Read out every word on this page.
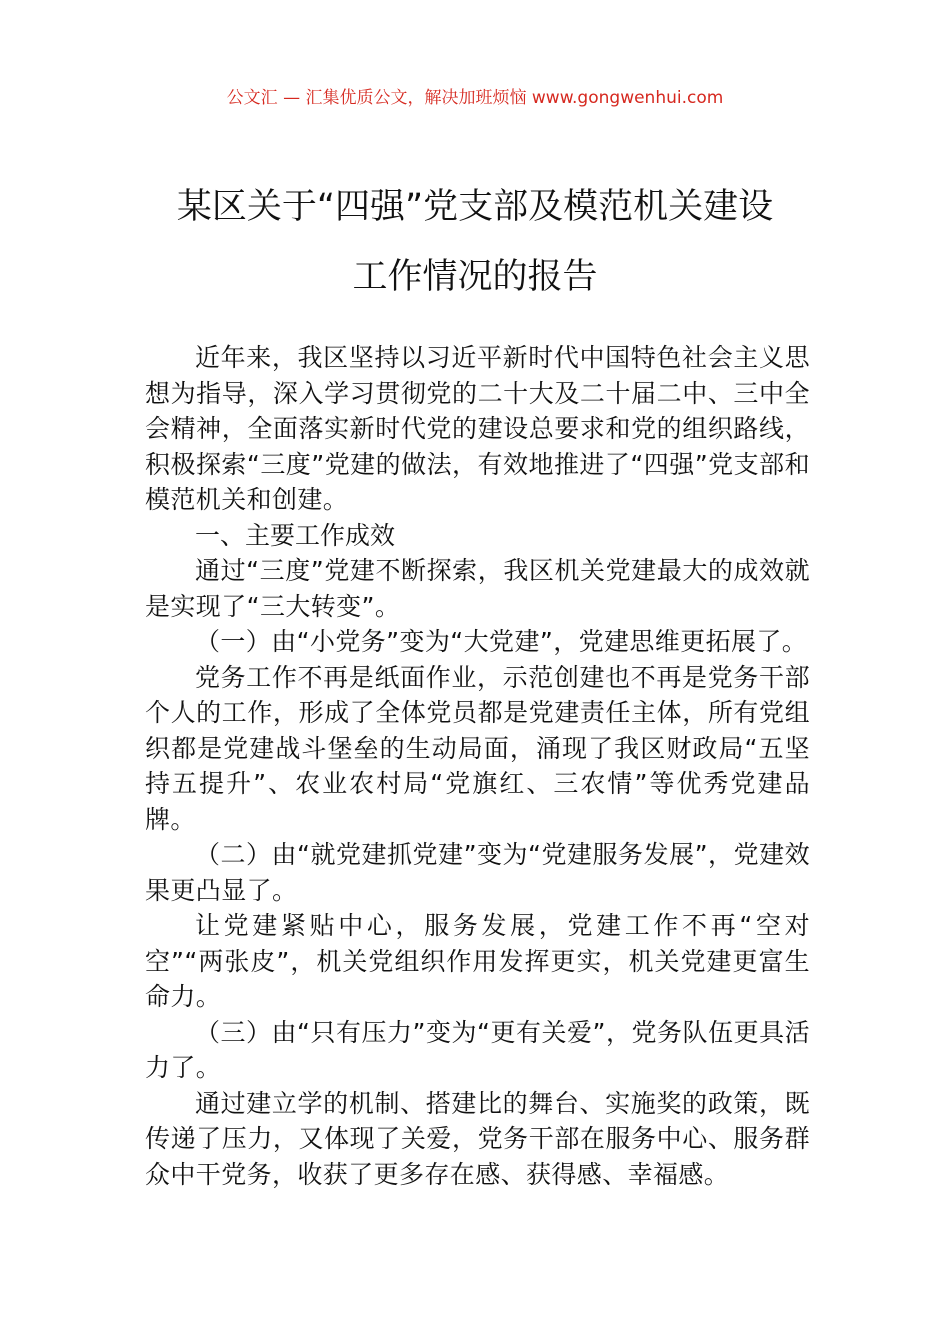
公文汇 — 汇集优质公文，解决加班烦恼 www.gongwenhui.com
某区关于“四强”党支部及模范机关建设
工作情况的报告

近年来，我区坚持以习近平新时代中国特色社会主义思想为指导，深入学习贯彻党的二十大及二十届二中、三中全会精神，全面落实新时代党的建设总要求和党的组织路线，积极探索“三度”党建的做法，有效地推进了“四强”党支部和模范机关和创建。

一、主要工作成效

通过“三度”党建不断探索，我区机关党建最大的成效就是实现了“三大转变”。

（一）由“小党务”变为“大党建”，党建思维更拓展了。

党务工作不再是纸面作业，示范创建也不再是党务干部个人的工作，形成了全体党员都是党建责任主体，所有党组织都是党建战斗堡垒的生动局面，涌现了我区财政局“五坚持五提升”、农业农村局“党旗红、三农情”等优秀党建品牌。

（二）由“就党建抓党建”变为“党建服务发展”，党建效果更凸显了。

让党建紧贴中心，服务发展，党建工作不再“空对空”“两张皮”，机关党组织作用发挥更实，机关党建更富生命力。

（三）由“只有压力”变为“更有关爱”，党务队伍更具活力了。

通过建立学的机制、搭建比的舞台、实施奖的政策，既传递了压力，又体现了关爱，党务干部在服务中心、服务群众中干党务，收获了更多存在感、获得感、幸福感。
